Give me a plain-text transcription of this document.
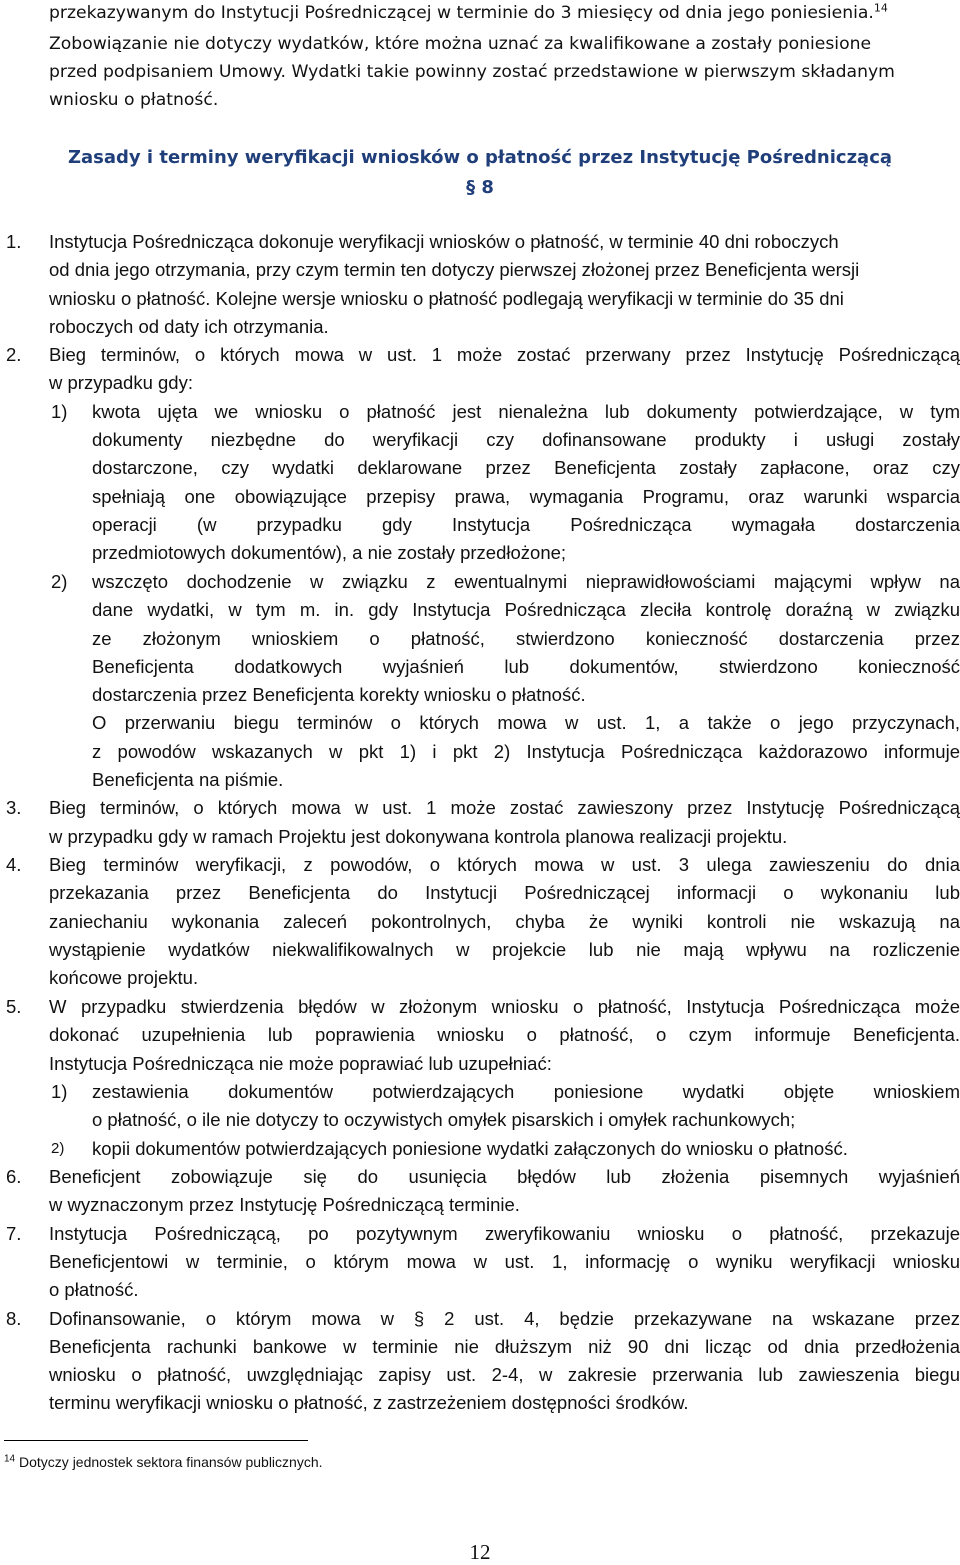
przekazywanym do Instytucji Pośredniczącej w terminie do 3 miesięcy od dnia jego poniesienia.$^{14}$
Zobowiązanie nie dotyczy wydatków, które można uznać za kwalifikowane a zostały poniesione
przed podpisaniem Umowy. Wydatki takie powinny zostać przedstawione w pierwszym składanym
wniosku o płatność.
Zasady i terminy weryfikacji wniosków o płatność przez Instytucję Pośredniczącą
§ 8
1. Instytucja Pośrednicząca dokonuje weryfikacji wniosków o płatność, w terminie 40 dni roboczych
od dnia jego otrzymania, przy czym termin ten dotyczy pierwszej złożonej przez Beneficjenta wersji
wniosku o płatność. Kolejne wersje wniosku o płatność podlegają weryfikacji w terminie do 35 dni
roboczych od daty ich otrzymania.
2. Bieg terminów, o których mowa w ust. 1 może zostać przerwany przez Instytucję Pośredniczącą
w przypadku gdy:
1) kwota ujęta we wniosku o płatność jest nienależna lub dokumenty potwierdzające, w tym
dokumenty niezbędne do weryfikacji czy dofinansowane produkty i usługi zostały
dostarczone, czy wydatki deklarowane przez Beneficjenta zostały zapłacone, oraz czy
spełniają one obowiązujące przepisy prawa, wymagania Programu, oraz warunki wsparcia
operacji (w przypadku gdy Instytucja Pośrednicząca wymagała dostarczenia
przedmiotowych dokumentów), a nie zostały przedłożone;
2) wszczęto dochodzenie w związku z ewentualnymi nieprawidłowościami mającymi wpływ na
dane wydatki, w tym m. in. gdy Instytucja Pośrednicząca zleciła kontrolę doraźną w związku
ze złożonym wnioskiem o płatność, stwierdzono konieczność dostarczenia przez
Beneficjenta dodatkowych wyjaśnień lub dokumentów, stwierdzono konieczność
dostarczenia przez Beneficjenta korekty wniosku o płatność.
O przerwaniu biegu terminów o których mowa w ust. 1, a także o jego przyczynach,
z powodów wskazanych w pkt 1) i pkt 2) Instytucja Pośrednicząca każdorazowo informuje
Beneficjenta na piśmie.
3. Bieg terminów, o których mowa w ust. 1 może zostać zawieszony przez Instytucję Pośredniczącą
w przypadku gdy w ramach Projektu jest dokonywana kontrola planowa realizacji projektu.
4. Bieg terminów weryfikacji, z powodów, o których mowa w ust. 3 ulega zawieszeniu do dnia
przekazania przez Beneficjenta do Instytucji Pośredniczącej informacji o wykonaniu lub
zaniechaniu wykonania zaleceń pokontrolnych, chyba że wyniki kontroli nie wskazują na
wystąpienie wydatków niekwalifikowalnych w projekcie lub nie mają wpływu na rozliczenie
końcowe projektu.
5. W przypadku stwierdzenia błędów w złożonym wniosku o płatność, Instytucja Pośrednicząca może
dokonać uzupełnienia lub poprawienia wniosku o płatność, o czym informuje Beneficjenta.
Instytucja Pośrednicząca nie może poprawiać lub uzupełniać:
1) zestawienia dokumentów potwierdzających poniesione wydatki objęte wnioskiem
o płatność, o ile nie dotyczy to oczywistych omyłek pisarskich i omyłek rachunkowych;
2) kopii dokumentów potwierdzających poniesione wydatki załączonych do wniosku o płatność.
6. Beneficjent zobowiązuje się do usunięcia błędów lub złożenia pisemnych wyjaśnień
w wyznaczonym przez Instytucję Pośredniczącą terminie.
7. Instytucja Pośredniczącą, po pozytywnym zweryfikowaniu wniosku o płatność, przekazuje
Beneficjentowi w terminie, o którym mowa w ust. 1, informację o wyniku weryfikacji wniosku
o płatność.
8. Dofinansowanie, o którym mowa w § 2 ust. 4, będzie przekazywane na wskazane przez
Beneficjenta rachunki bankowe w terminie nie dłuższym niż 90 dni licząc od dnia przedłożenia
wniosku o płatność, uwzględniając zapisy ust. 2-4, w zakresie przerwania lub zawieszenia biegu
terminu weryfikacji wniosku o płatność, z zastrzeżeniem dostępności środków.
$^{14}$ Dotyczy jednostek sektora finansów publicznych.
12
